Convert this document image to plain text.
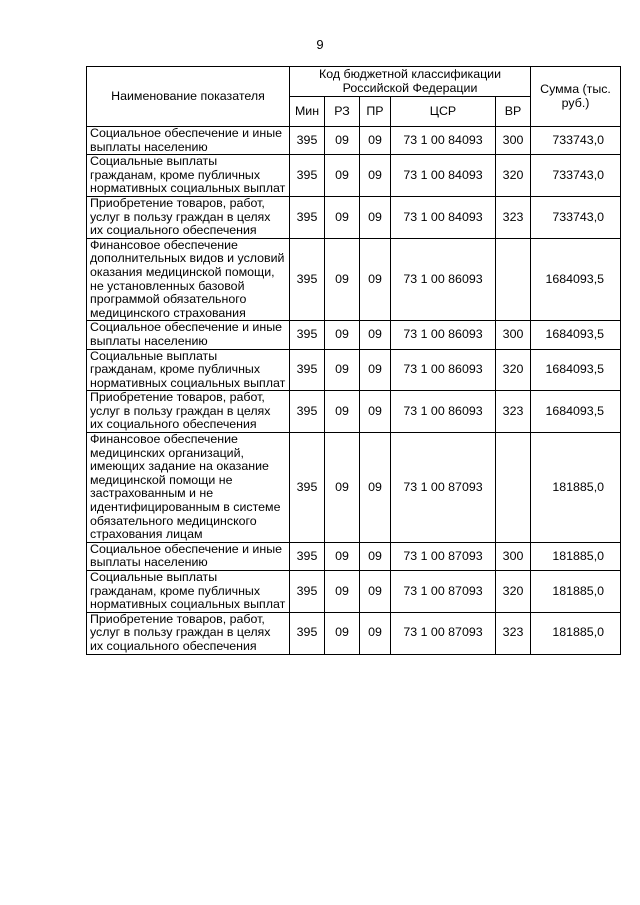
9
Наименование показателя	Код бюджетной классификации Российской Федерации					Сумма (тыс. руб.)
	Мин	РЗ	ПР	ЦСР	ВР	
Социальное обеспечение и иные выплаты населению	395	09	09	73 1 00 84093	300	733743,0
Социальные выплаты гражданам, кроме публичных нормативных социальных выплат	395	09	09	73 1 00 84093	320	733743,0
Приобретение товаров, работ, услуг в пользу граждан в целях их социального обеспечения	395	09	09	73 1 00 84093	323	733743,0
Финансовое обеспечение дополнительных видов и условий оказания медицинской помощи, не установленных базовой программой обязательного медицинского страхования	395	09	09	73 1 00 86093		1684093,5
Социальное обеспечение и иные выплаты населению	395	09	09	73 1 00 86093	300	1684093,5
Социальные выплаты гражданам, кроме публичных нормативных социальных выплат	395	09	09	73 1 00 86093	320	1684093,5
Приобретение товаров, работ, услуг в пользу граждан в целях их социального обеспечения	395	09	09	73 1 00 86093	323	1684093,5
Финансовое обеспечение медицинских организаций, имеющих задание на оказание медицинской помощи не застрахованным и не идентифицированным в системе обязательного медицинского страхования лицам	395	09	09	73 1 00 87093		181885,0
Социальное обеспечение и иные выплаты населению	395	09	09	73 1 00 87093	300	181885,0
Социальные выплаты гражданам, кроме публичных нормативных социальных выплат	395	09	09	73 1 00 87093	320	181885,0
Приобретение товаров, работ, услуг в пользу граждан в целях их социального обеспечения	395	09	09	73 1 00 87093	323	181885,0
